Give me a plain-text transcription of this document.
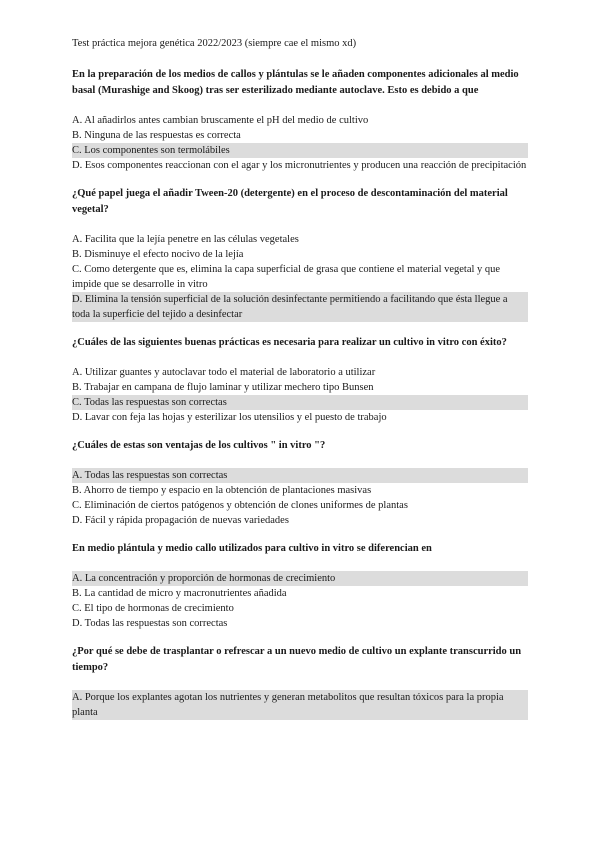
Test práctica mejora genética 2022/2023 (siempre cae el mismo xd)
En la preparación de los medios de callos y plántulas se le añaden componentes adicionales al medio basal (Murashige and Skoog) tras ser esterilizado mediante autoclave. Esto es debido a que
A. Al añadirlos antes cambian bruscamente el pH del medio de cultivo
B. Ninguna de las respuestas es correcta
C. Los componentes son termolábiles
D. Esos componentes reaccionan con el agar y los micronutrientes y producen una reacción de precipitación
¿Qué papel juega el añadir Tween-20 (detergente) en el proceso de descontaminación del material vegetal?
A. Facilita que la lejía penetre en las células vegetales
B. Disminuye el efecto nocivo de la lejía
C. Como detergente que es, elimina la capa superficial de grasa que contiene el material vegetal y que impide que se desarrolle in vitro
D. Elimina la tensión superficial de la solución desinfectante permitiendo a facilitando que ésta llegue a toda la superficie del tejido a desinfectar
¿Cuáles de las siguientes buenas prácticas es necesaria para realizar un cultivo in vitro con éxito?
A. Utilizar guantes y autoclavar todo el material de laboratorio a utilizar
B. Trabajar en campana de flujo laminar y utilizar mechero tipo Bunsen
C. Todas las respuestas son correctas
D. Lavar con feja las hojas y esterilizar los utensilios y el puesto de trabajo
¿Cuáles de estas son ventajas de los cultivos " in vitro "?
A. Todas las respuestas son correctas
B. Ahorro de tiempo y espacio en la obtención de plantaciones masivas
C. Eliminación de ciertos patógenos y obtención de clones uniformes de plantas
D. Fácil y rápida propagación de nuevas variedades
En medio plántula y medio callo utilizados para cultivo in vitro se diferencian en
A. La concentración y proporción de hormonas de crecimiento
B. La cantidad de micro y macronutrientes añadida
C. El tipo de hormonas de crecimiento
D. Todas las respuestas son correctas
¿Por qué se debe de trasplantar o refrescar a un nuevo medio de cultivo un explante transcurrido un tiempo?
A. Porque los explantes agotan los nutrientes y generan metabolitos que resultan tóxicos para la propia planta
